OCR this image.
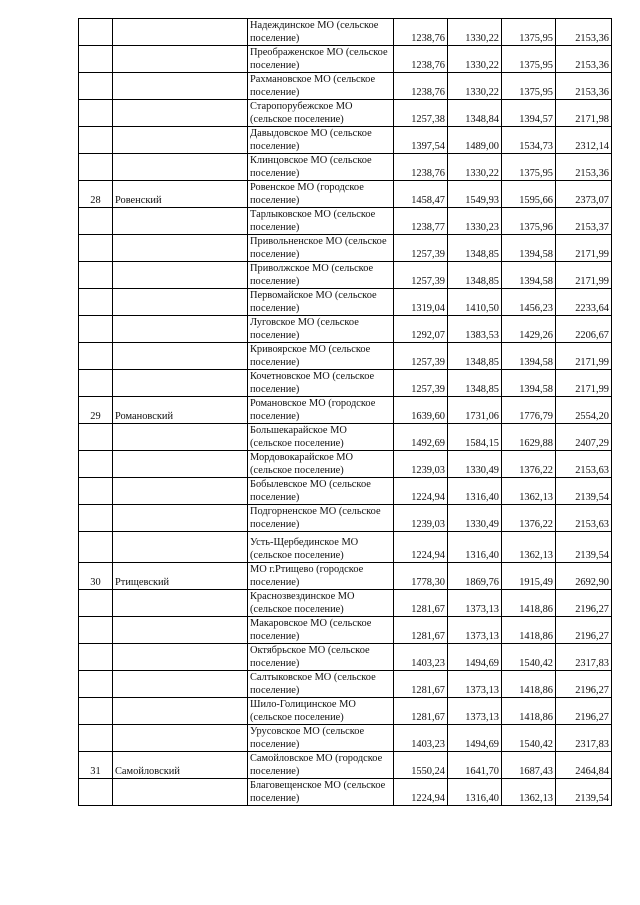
		Надеждинское МО (сельское поселение)	1238,76	1330,22	1375,95	2153,36
		Преображенское МО (сельское поселение)	1238,76	1330,22	1375,95	2153,36
		Рахмановское МО (сельское поселение)	1238,76	1330,22	1375,95	2153,36
		Старопорубежское МО (сельское поселение)	1257,38	1348,84	1394,57	2171,98
		Давыдовское МО (сельское поселение)	1397,54	1489,00	1534,73	2312,14
		Клинцовское МО (сельское поселение)	1238,76	1330,22	1375,95	2153,36
28	Ровенский	Ровенское МО (городское поселение)	1458,47	1549,93	1595,66	2373,07
		Тарлыковское МО (сельское поселение)	1238,77	1330,23	1375,96	2153,37
		Привольненское МО (сельское поселение)	1257,39	1348,85	1394,58	2171,99
		Приволжское МО (сельское поселение)	1257,39	1348,85	1394,58	2171,99
		Первомайское МО (сельское поселение)	1319,04	1410,50	1456,23	2233,64
		Луговское МО (сельское поселение)	1292,07	1383,53	1429,26	2206,67
		Кривоярское МО (сельское поселение)	1257,39	1348,85	1394,58	2171,99
		Кочетновское МО (сельское поселение)	1257,39	1348,85	1394,58	2171,99
29	Романовский	Романовское МО (городское поселение)	1639,60	1731,06	1776,79	2554,20
		Большекарайское МО (сельское поселение)	1492,69	1584,15	1629,88	2407,29
		Мордовокарайское МО (сельское поселение)	1239,03	1330,49	1376,22	2153,63
		Бобылевское МО (сельское поселение)	1224,94	1316,40	1362,13	2139,54
		Подгорненское МО (сельское поселение)	1239,03	1330,49	1376,22	2153,63
		Усть-Щербединское МО (сельское поселение)	1224,94	1316,40	1362,13	2139,54
30	Ртищевский	МО г.Ртищево (городское поселение)	1778,30	1869,76	1915,49	2692,90
		Краснозвездинское МО (сельское поселение)	1281,67	1373,13	1418,86	2196,27
		Макаровское МО (сельское поселение)	1281,67	1373,13	1418,86	2196,27
		Октябрьское МО (сельское поселение)	1403,23	1494,69	1540,42	2317,83
		Салтыковское МО (сельское поселение)	1281,67	1373,13	1418,86	2196,27
		Шило-Голицинское МО (сельское поселение)	1281,67	1373,13	1418,86	2196,27
		Урусовское МО (сельское поселение)	1403,23	1494,69	1540,42	2317,83
31	Самойловский	Самойловское МО (городское поселение)	1550,24	1641,70	1687,43	2464,84
		Благовещенское МО (сельское поселение)	1224,94	1316,40	1362,13	2139,54
